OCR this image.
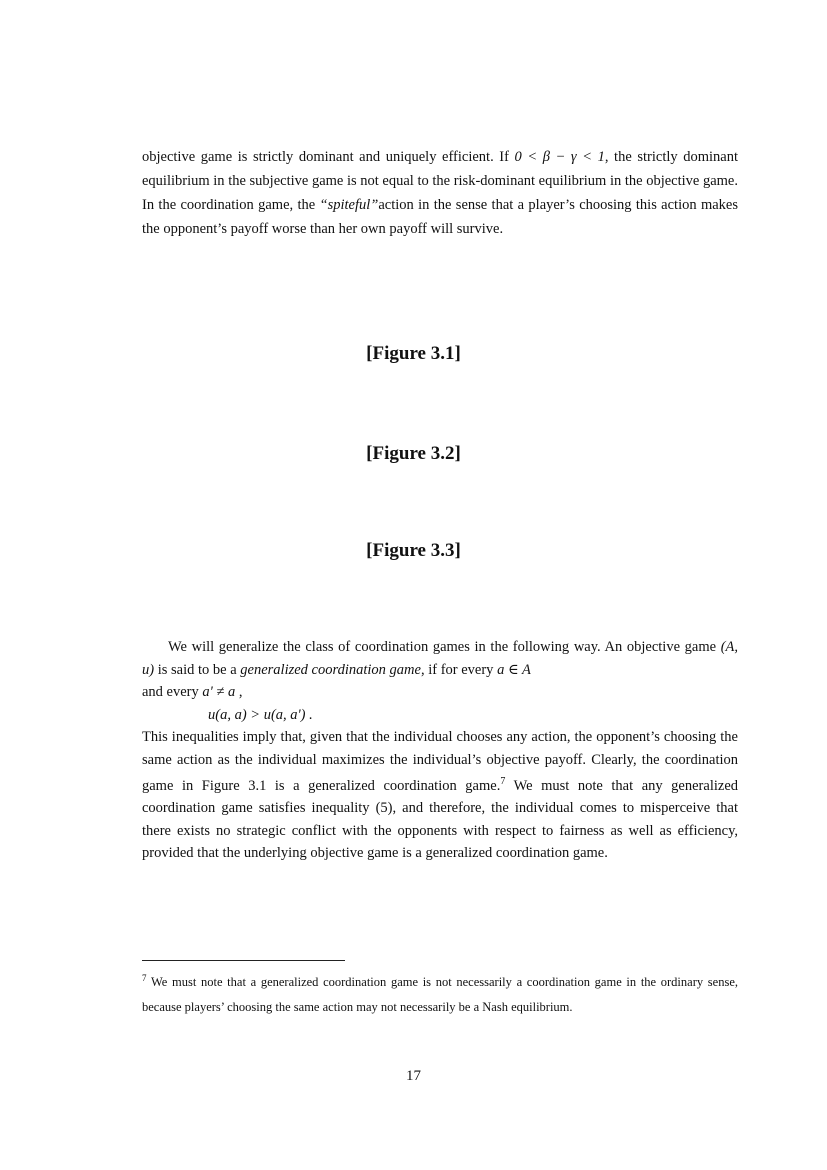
objective game is strictly dominant and uniquely efficient. If 0 < β − γ < 1, the strictly dominant equilibrium in the subjective game is not equal to the risk-dominant equilibrium in the objective game. In the coordination game, the “spiteful”action in the sense that a player’s choosing this action makes the opponent’s payoff worse than her own payoff will survive.
[Figure 3.1]
[Figure 3.2]
[Figure 3.3]
We will generalize the class of coordination games in the following way. An objective game (A, u) is said to be a generalized coordination game, if for every a ∈ A
and every a' ≠ a ,
u(a, a) > u(a, a') .
This inequalities imply that, given that the individual chooses any action, the opponent’s choosing the same action as the individual maximizes the individual’s objective payoff. Clearly, the coordination game in Figure 3.1 is a generalized coordination game.$^7$ We must note that any generalized coordination game satisfies inequality (5), and therefore, the individual comes to misperceive that there exists no strategic conflict with the opponents with respect to fairness as well as efficiency, provided that the underlying objective game is a generalized coordination game.
$^7$ We must note that a generalized coordination game is not necessarily a coordination game in the ordinary sense, because players’ choosing the same action may not necessarily be a Nash equilibrium.
17
